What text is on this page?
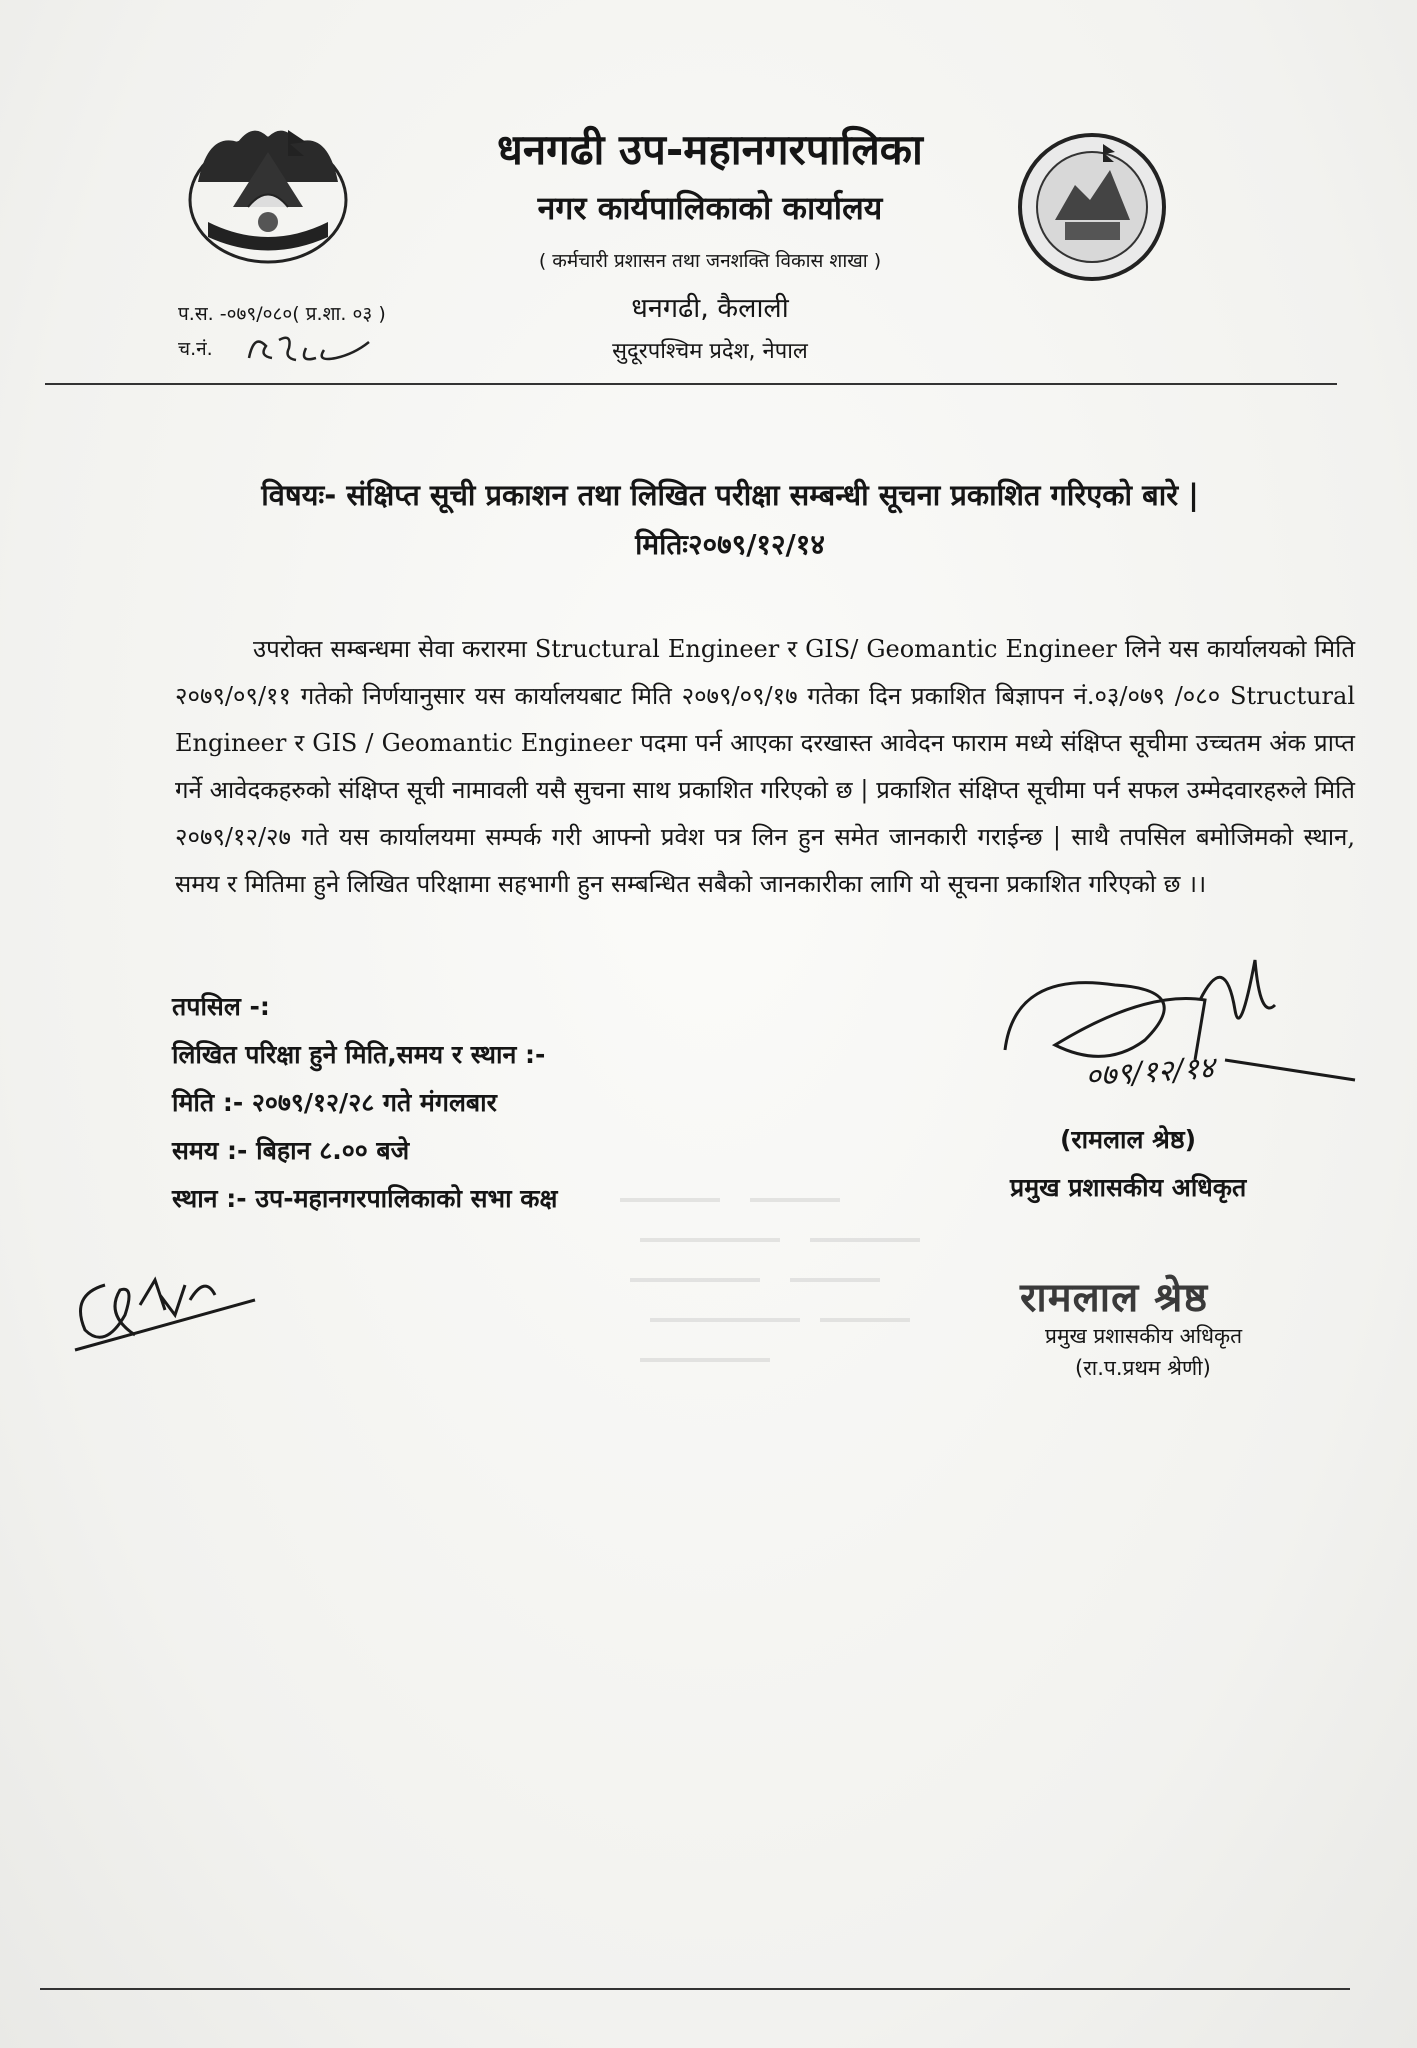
धनगढी उप-महानगरपालिका
नगर कार्यपालिकाको कार्यालय
( कर्मचारी प्रशासन तथा जनशक्ति विकास शाखा )
धनगढी, कैलाली
सुदूरपश्चिम प्रदेश, नेपाल
प.स. -०७९/०८०( प्र.शा. ०३ )
च.नं.
विषयः- संक्षिप्त सूची प्रकाशन तथा लिखित परीक्षा सम्बन्धी सूचना प्रकाशित गरिएको बारे |
मितिः२०७९/१२/१४
उपरोक्त सम्बन्धमा सेवा करारमा Structural Engineer र GIS/ Geomantic Engineer लिने यस कार्यालयको मिति २०७९/०९/११ गतेको निर्णयानुसार यस कार्यालयबाट मिति २०७९/०९/१७ गतेका दिन प्रकाशित बिज्ञापन नं.०३/०७९ /०८० Structural Engineer र GIS / Geomantic Engineer पदमा पर्न आएका दरखास्त आवेदन फाराम मध्ये संक्षिप्त सूचीमा उच्चतम अंक प्राप्त गर्ने आवेदकहरुको संक्षिप्त सूची नामावली यसै सुचना साथ प्रकाशित गरिएको छ | प्रकाशित संक्षिप्त सूचीमा पर्न सफल उम्मेदवारहरुले मिति २०७९/१२/२७ गते यस कार्यालयमा सम्पर्क गरी आफ्नो प्रवेश पत्र लिन हुन समेत जानकारी गराईन्छ | साथै तपसिल बमोजिमको स्थान, समय र मितिमा हुने लिखित परिक्षामा सहभागी हुन सम्बन्धित सबैको जानकारीका लागि यो सूचना प्रकाशित गरिएको छ ।।
तपसिल -:
लिखित परिक्षा हुने मिति,समय र स्थान :-
मिति :- २०७९/१२/२८ गते मंगलबार
समय :- बिहान ८.०० बजे
स्थान :- उप-महानगरपालिकाको सभा कक्ष
०७९/१२/१४
(रामलाल श्रेष्ठ)
प्रमुख प्रशासकीय अधिकृत
रामलाल श्रेष्ठ
प्रमुख प्रशासकीय अधिकृत
(रा.प.प्रथम श्रेणी)
